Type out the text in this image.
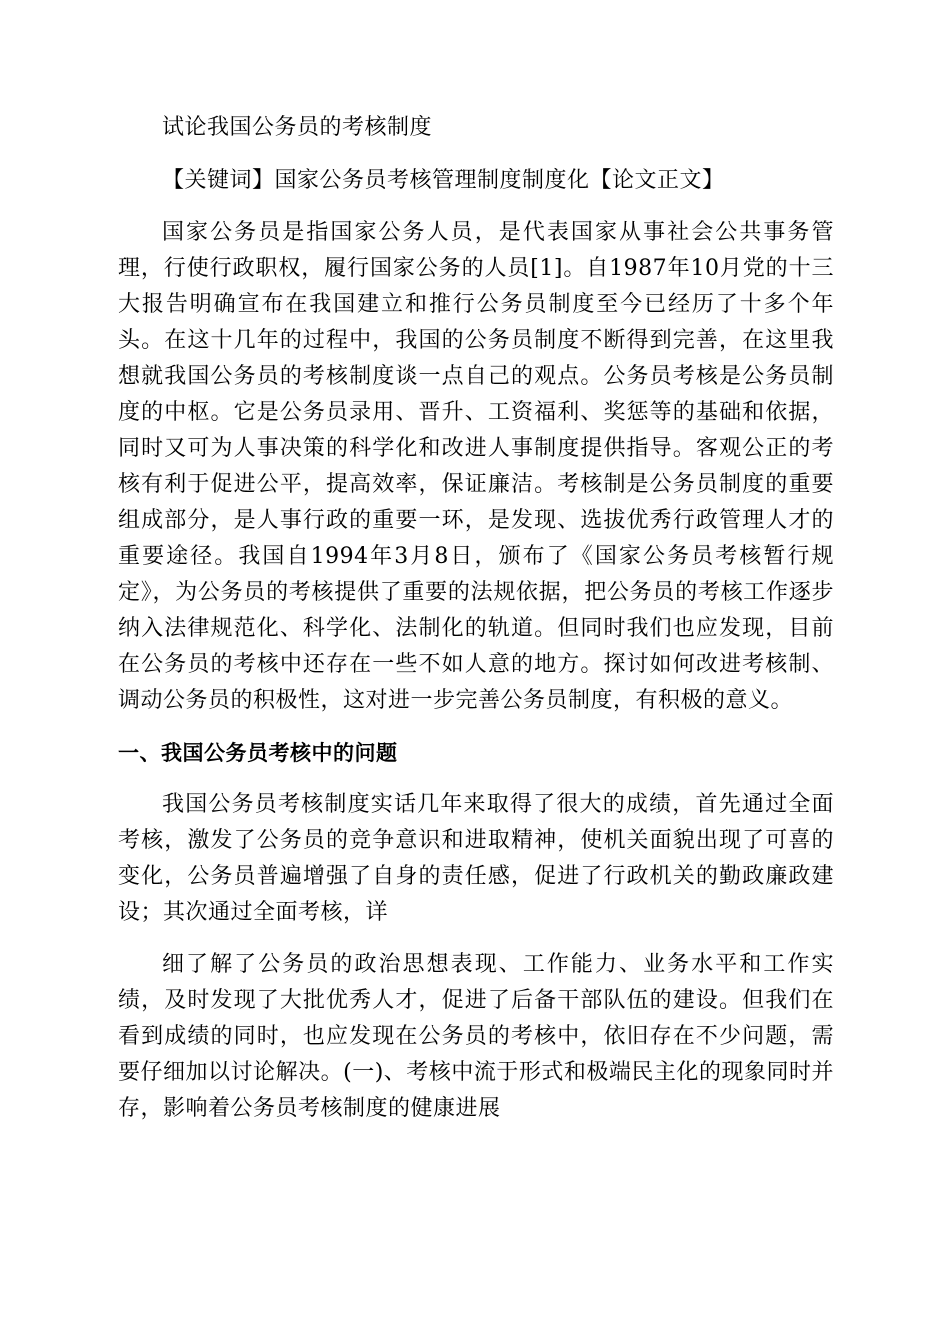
试论我国公务员的考核制度

【关键词】国家公务员考核管理制度制度化【论文正文】

国家公务员是指国家公务人员，是代表国家从事社会公共事务管理，行使行政职权，履行国家公务的人员[1]。自1987年10月党的十三大报告明确宣布在我国建立和推行公务员制度至今已经历了十多个年头。在这十几年的过程中，我国的公务员制度不断得到完善，在这里我想就我国公务员的考核制度谈一点自己的观点。公务员考核是公务员制度的中枢。它是公务员录用、晋升、工资福利、奖惩等的基础和依据，同时又可为人事决策的科学化和改进人事制度提供指导。客观公正的考核有利于促进公平，提高效率，保证廉洁。考核制是公务员制度的重要组成部分，是人事行政的重要一环，是发现、选拔优秀行政管理人才的重要途径。我国自1994年3月8日，颁布了《国家公务员考核暂行规定》，为公务员的考核提供了重要的法规依据，把公务员的考核工作逐步纳入法律规范化、科学化、法制化的轨道。但同时我们也应发现，目前在公务员的考核中还存在一些不如人意的地方。探讨如何改进考核制、调动公务员的积极性，这对进一步完善公务员制度，有积极的意义。

一、我国公务员考核中的问题

我国公务员考核制度实话几年来取得了很大的成绩，首先通过全面考核，激发了公务员的竞争意识和进取精神，使机关面貌出现了可喜的变化，公务员普遍增强了自身的责任感，促进了行政机关的勤政廉政建设；其次通过全面考核，详

细了解了公务员的政治思想表现、工作能力、业务水平和工作实绩，及时发现了大批优秀人才，促进了后备干部队伍的建设。但我们在看到成绩的同时，也应发现在公务员的考核中，依旧存在不少问题，需要仔细加以讨论解决。(一)、考核中流于形式和极端民主化的现象同时并存，影响着公务员考核制度的健康进展
